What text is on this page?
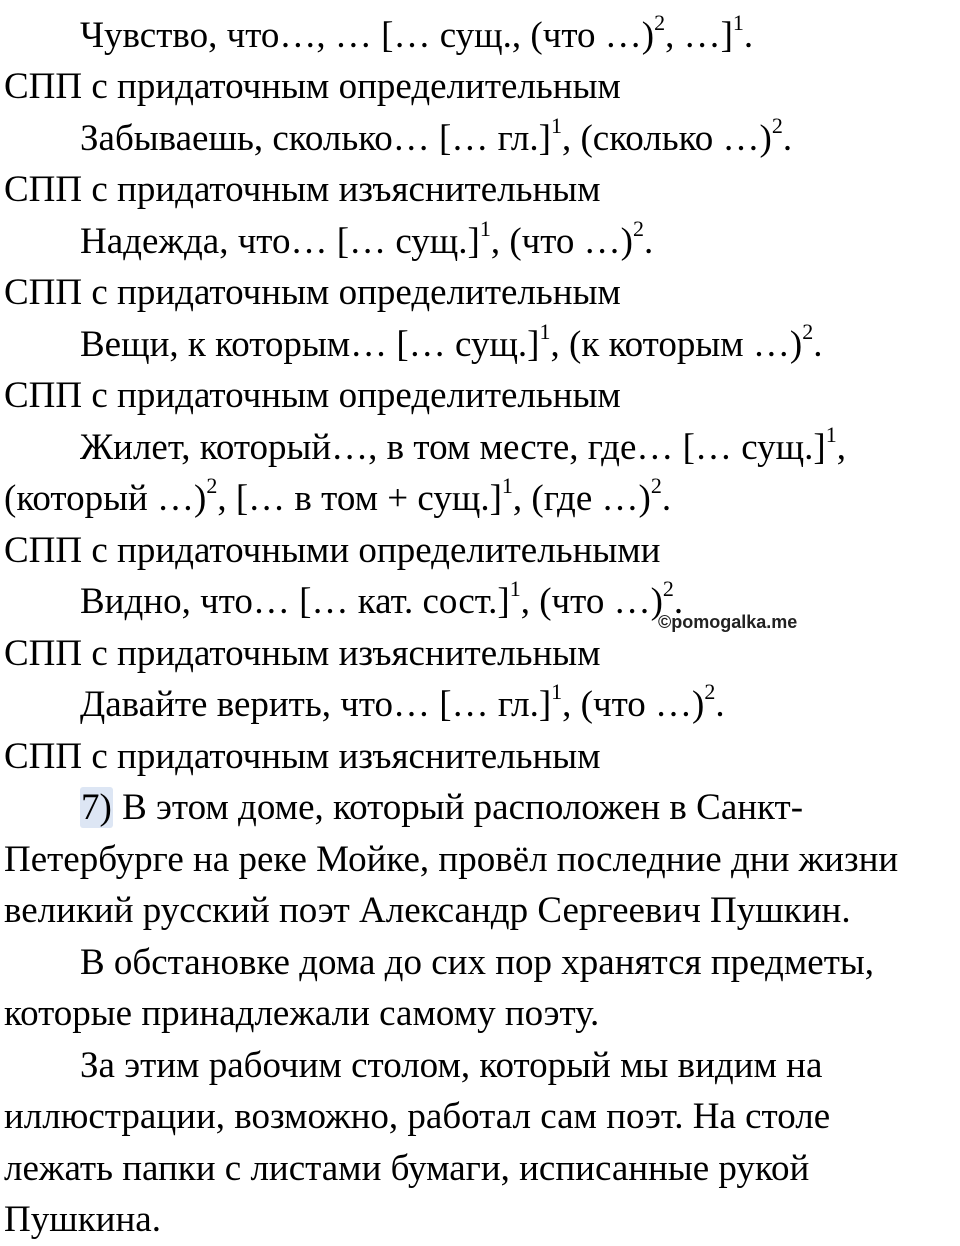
Чувство, что…, … [… сущ., (что …)$^2$, …]$^1$.
СПП с придаточным определительным
Забываешь, сколько… [… гл.]$^1$, (сколько …)$^2$.
СПП с придаточным изъяснительным
Надежда, что… [… сущ.]$^1$, (что …)$^2$.
СПП с придаточным определительным
Вещи, к которым… [… сущ.]$^1$, (к которым …)$^2$.
СПП с придаточным определительным
Жилет, который…, в том месте, где… [… сущ.]$^1$,
(который …)$^2$, [… в том + сущ.]$^1$, (где …)$^2$.
СПП с придаточными определительными
Видно, что… [… кат. сост.]$^1$, (что …)$^2$.
СПП с придаточным изъяснительным
Давайте верить, что… [… гл.]$^1$, (что …)$^2$.
СПП с придаточным изъяснительным
7) В этом доме, который расположен в Санкт-
Петербурге на реке Мойке, провёл последние дни жизни
великий русский поэт Александр Сергеевич Пушкин.
В обстановке дома до сих пор хранятся предметы,
которые принадлежали самому поэту.
За этим рабочим столом, который мы видим на
иллюстрации, возможно, работал сам поэт. На столе
лежать папки с листами бумаги, исписанные рукой
Пушкина.
©pomogalka.me
